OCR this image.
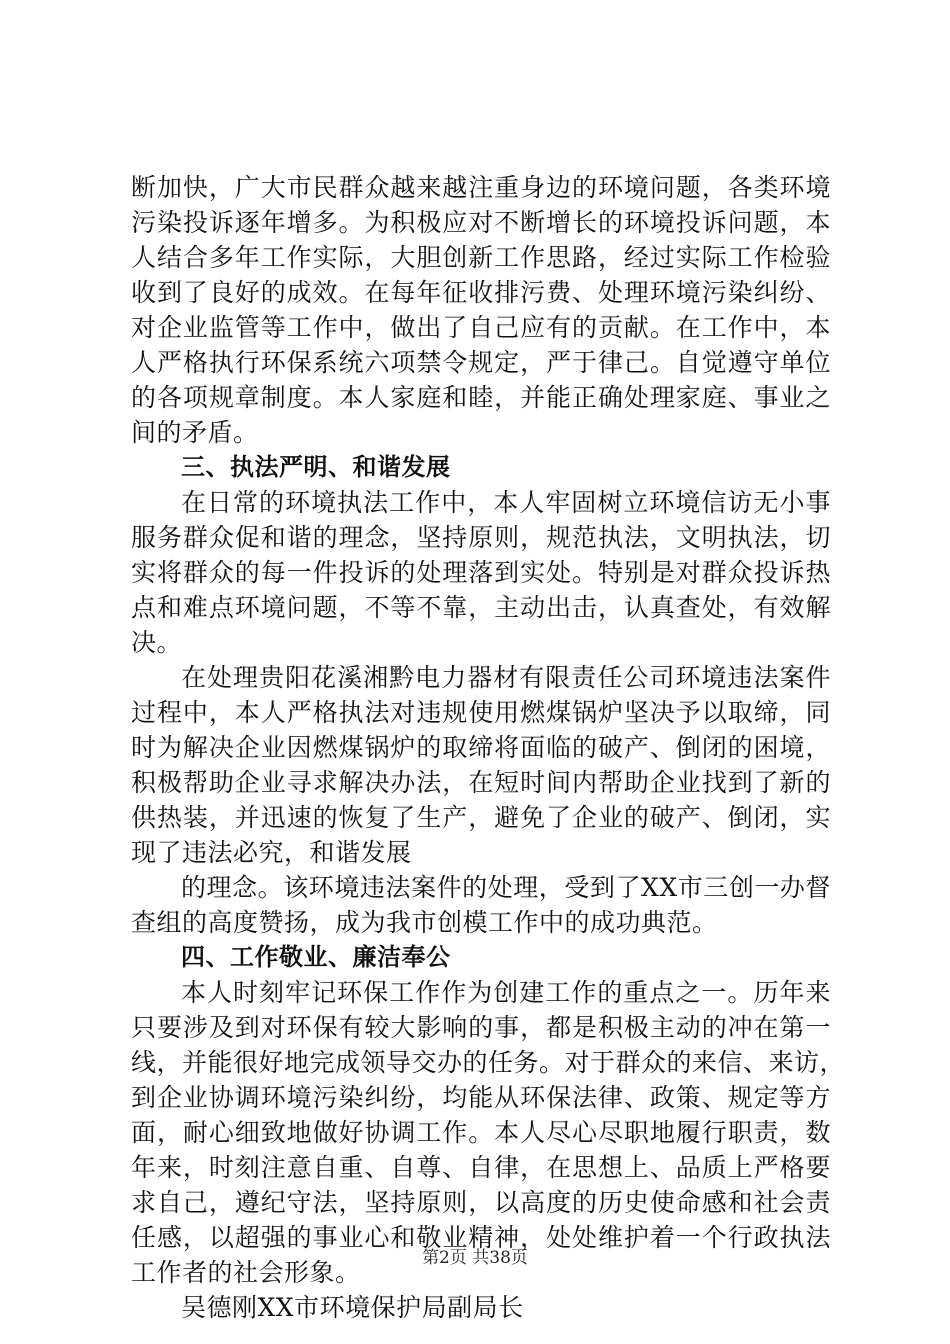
断加快，广大市民群众越来越注重身边的环境问题，各类环境
污染投诉逐年增多。为积极应对不断增长的环境投诉问题，本
人结合多年工作实际，大胆创新工作思路，经过实际工作检验
收到了良好的成效。在每年征收排污费、处理环境污染纠纷、
对企业监管等工作中，做出了自己应有的贡献。在工作中，本
人严格执行环保系统六项禁令规定，严于律己。自觉遵守单位
的各项规章制度。本人家庭和睦，并能正确处理家庭、事业之
间的矛盾。
三、执法严明、和谐发展
在日常的环境执法工作中，本人牢固树立环境信访无小事
服务群众促和谐的理念，坚持原则，规范执法，文明执法，切
实将群众的每一件投诉的处理落到实处。特别是对群众投诉热
点和难点环境问题，不等不靠，主动出击，认真查处，有效解
决。
在处理贵阳花溪湘黔电力器材有限责任公司环境违法案件
过程中，本人严格执法对违规使用燃煤锅炉坚决予以取缔，同
时为解决企业因燃煤锅炉的取缔将面临的破产、倒闭的困境，
积极帮助企业寻求解决办法，在短时间内帮助企业找到了新的
供热装，并迅速的恢复了生产，避免了企业的破产、倒闭，实
现了违法必究，和谐发展
的理念。该环境违法案件的处理，受到了XX市三创一办督
查组的高度赞扬，成为我市创模工作中的成功典范。
四、工作敬业、廉洁奉公
本人时刻牢记环保工作作为创建工作的重点之一。历年来
只要涉及到对环保有较大影响的事，都是积极主动的冲在第一
线，并能很好地完成领导交办的任务。对于群众的来信、来访，
到企业协调环境污染纠纷，均能从环保法律、政策、规定等方
面，耐心细致地做好协调工作。本人尽心尽职地履行职责，数
年来，时刻注意自重、自尊、自律，在思想上、品质上严格要
求自己，遵纪守法，坚持原则，以高度的历史使命感和社会责
任感，以超强的事业心和敬业精神，处处维护着一个行政执法
工作者的社会形象。
吴德刚XX市环境保护局副局长
第2页 共38页
